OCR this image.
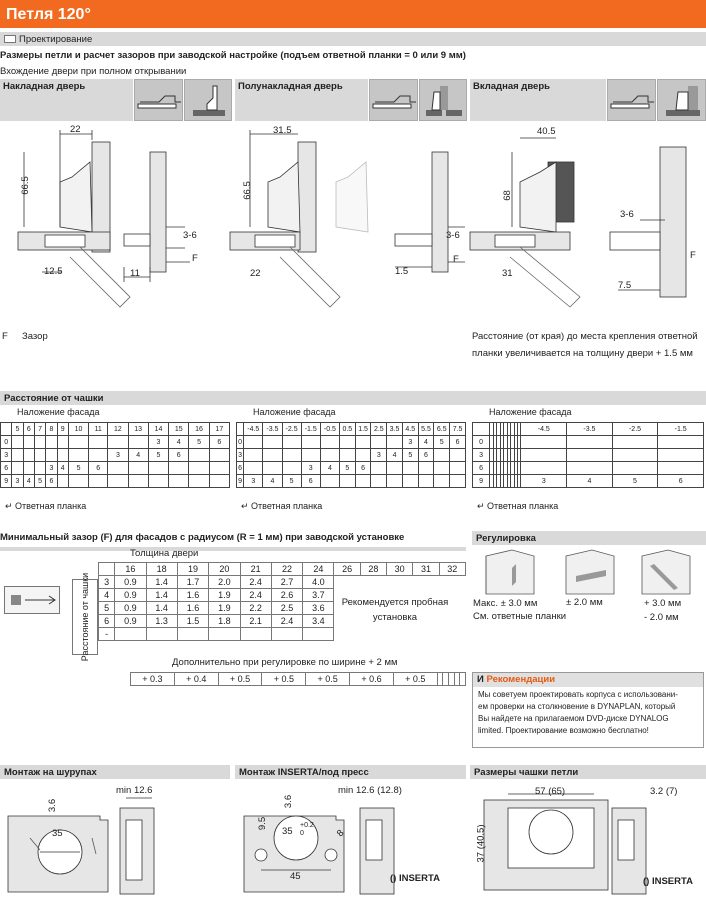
Петля 120°
Проектирование
Размеры петли и расчет зазоров при заводской настройке (подъем ответной планки = 0 или 9 мм)
Вхождение двери при полном открывании
Накладная дверь	Полунакладная дверь	Вкладная дверь
22
66.5
3-6
12.5	11
F
31.5
66.5
3-6
22	1.5
F
40.5
68
3-6
31
7.5
F
F Зазор	Расстояние (от края) до места крепления ответной планки увеличивается на толщину двери + 1.5 мм
Расстояние от чашки
Наложение фасада
	5	6	7	8	9	10	11	12	13	14	15	16	17
0										3	4	5	6
3								3	4	5	6		
6				3	4	5	6						
9	3	4	5	6									

↵ Ответная планка
Наложение фасада
	-4.5	-3.5	-2.5	-1.5	-0.5	0.5	1.5	2.5	3.5	4.5	5.5	6.5	7.5
0										3	4	5	6
3								3	4	5	6		
6				3	4	5	6						
9	3	4	5	6									

↵ Ответная планка
Наложение фасада
										-4.5	-3.5	-2.5	-1.5
0													
3													
6													
9										3	4	5	6

↵ Ответная планка
Минимальный зазор (F) для фасадов с радиусом (R = 1 мм) при заводской установке
Толщина двери
Расстояние от чашки
	16	18	19	20	21	22	24	26	28	30	31	32
3	0.9	1.4	1.7	2.0	2.4	2.7	4.0					
4	0.9	1.4	1.6	1.9	2.4	2.6	3.7					
5	0.9	1.4	1.6	1.9	2.2	2.5	3.6					
6	0.9	1.3	1.5	1.8	2.1	2.4	3.4					
-												
Рекомендуется пробная установка
Дополнительно при регулировке по ширине + 2 мм
+ 0.3	+ 0.4	+ 0.5	+ 0.5	+ 0.5	+ 0.6	+ 0.5					
Регулировка
Макс. ± 3.0 мм
См. ответные планки
± 2.0 мм	+ 3.0 мм
- 2.0 мм
И Рекомендации
Мы советуем проектировать корпуса с использовани-
ем проверки на столкновение в DYNAPLAN, который
Вы найдете на прилагаемом DVD-диске DYNALOG
limited. Проектирование возможно бесплатно!
Монтаж на шурупах	Монтаж INSERTA/под пресс	Размеры чашки петли
3.6
35
min 12.6
3.6
35
+0.2
0
min 12.6 (12.8)
9.5
45
8
() INSERTA
57 (65)	3.2 (7)
37 (40.5)
() INSERTA
